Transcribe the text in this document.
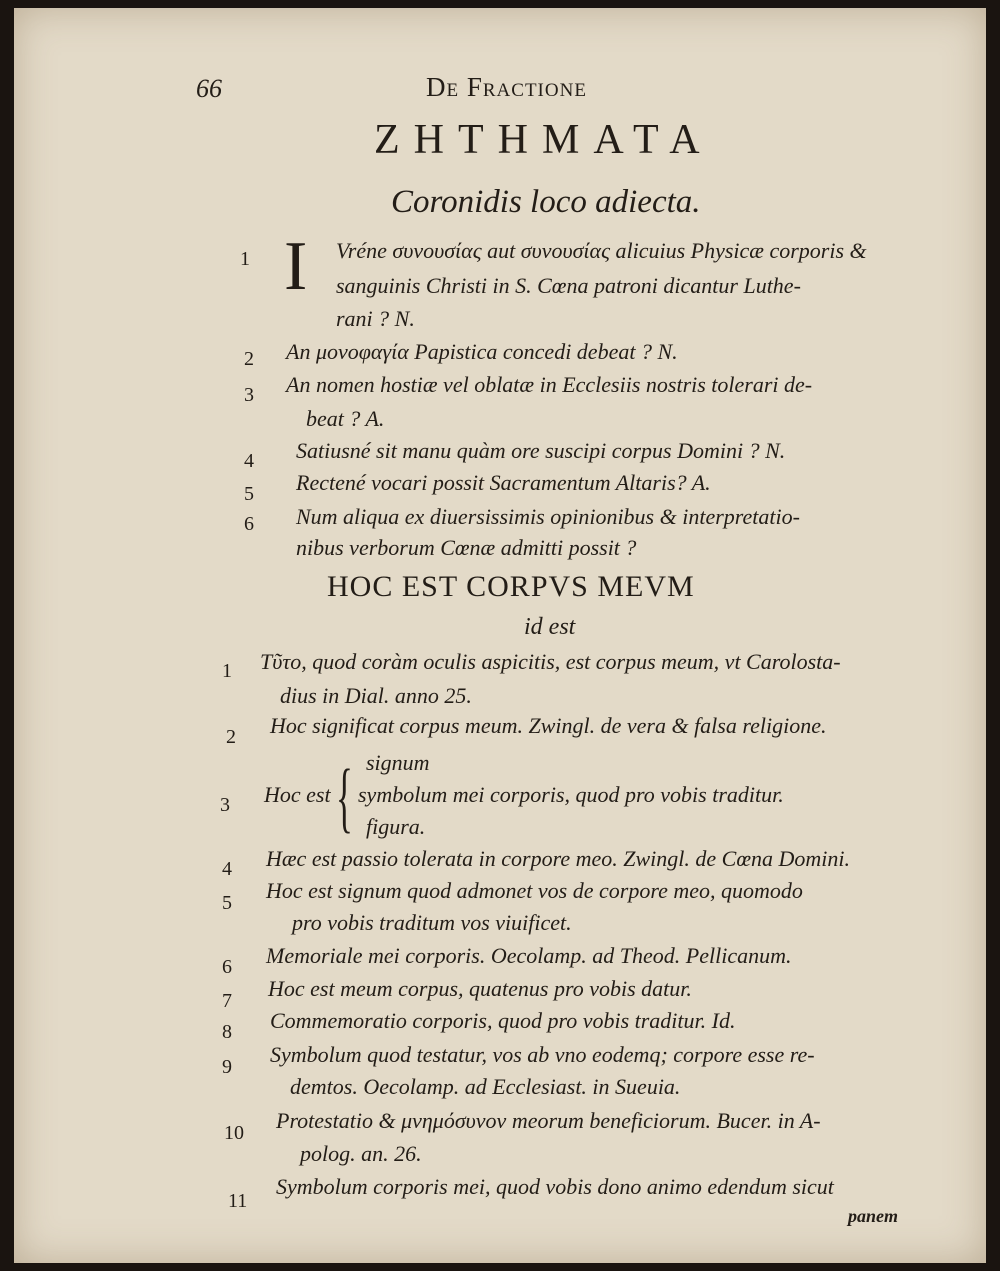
66	De Fractione
ZHTHMATA
Coronidis loco adiecta.
1 I Vréne συνουσίας aut συνουσίας alicuius Physicæ corporis &
sanguinis Christi in S. Cœna patroni dicantur Luthe-
rani ? N.
2 An μονοφαγία Papistica concedi debeat ? N.
3 An nomen hostiæ vel oblatæ in Ecclesiis nostris tolerari de-
beat ? A.
4 Satiusné sit manu quàm ore suscipi corpus Domini ? N.
5 Rectené vocari possit Sacramentum Altaris? A.
6 Num aliqua ex diuersissimis opinionibus & interpretatio-
nibus verborum Cœnæ admitti possit ?
HOC EST CORPVS MEVM
id est
1 Τῦτο, quod coràm oculis aspicitis, est corpus meum, vt Carolosta-
dius in Dial. anno 25.
2 Hoc significat corpus meum. Zwingl. de vera & falsa religione.
3 Hoc est { signum
symbolum mei corporis, quod pro vobis traditur.
figura.
4 Hæc est passio tolerata in corpore meo. Zwingl. de Cœna Domini.
5 Hoc est signum quod admonet vos de corpore meo, quomodo
pro vobis traditum vos viuificet.
6 Memoriale mei corporis. Oecolamp. ad Theod. Pellicanum.
7 Hoc est meum corpus, quatenus pro vobis datur.
8 Commemoratio corporis, quod pro vobis traditur. Id.
9 Symbolum quod testatur, vos ab vno eodemq; corpore esse re-
demtos. Oecolamp. ad Ecclesiast. in Sueuia.
10 Protestatio & μνημόσυνον meorum beneficiorum. Bucer. in A-
polog. an. 26.
11
Symbolum corporis mei, quod vobis dono animo edendum sicut
panem
